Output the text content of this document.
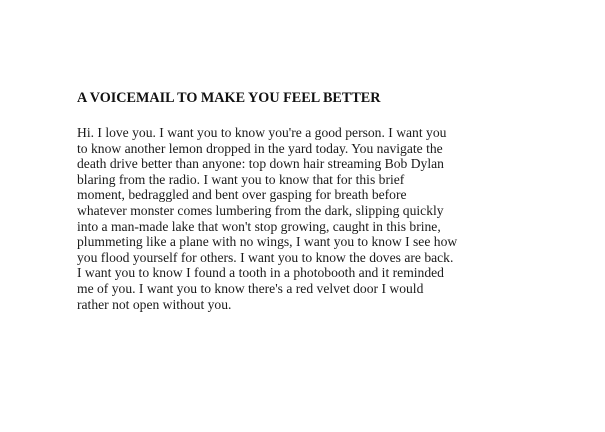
A VOICEMAIL TO MAKE YOU FEEL BETTER

Hi. I love you. I want you to know you're a good person. I want you
to know another lemon dropped in the yard today. You navigate the
death drive better than anyone: top down hair streaming Bob Dylan
blaring from the radio. I want you to know that for this brief
moment, bedraggled and bent over gasping for breath before
whatever monster comes lumbering from the dark, slipping quickly
into a man-made lake that won't stop growing, caught in this brine,
plummeting like a plane with no wings, I want you to know I see how
you flood yourself for others. I want you to know the doves are back.
I want you to know I found a tooth in a photobooth and it reminded
me of you. I want you to know there's a red velvet door I would
rather not open without you.
